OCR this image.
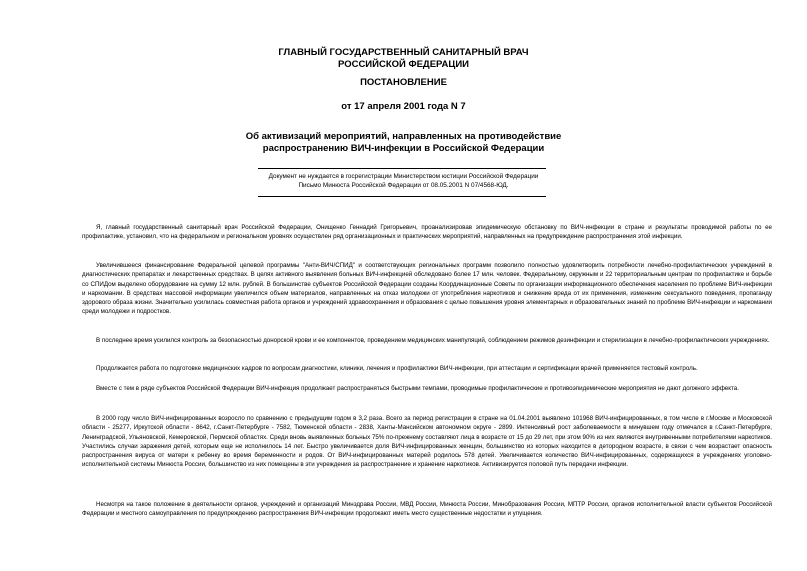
ГЛАВНЫЙ ГОСУДАРСТВЕННЫЙ САНИТАРНЫЙ ВРАЧ
РОССИЙСКОЙ ФЕДЕРАЦИИ
ПОСТАНОВЛЕНИЕ
от 17 апреля 2001 года N 7
Об активизаций мероприятий, направленных на противодействие
распространению ВИЧ-инфекции в Российской Федерации
Документ не нуждается в госрегистрации Министерством юстиции Российской Федерации
Письмо Минюста Российской Федерации от 08.05.2001 N 07/4568-ЮД.

Я, главный государственный санитарный врач Российской Федерации, Онищенко Геннадий Григорьевич, проанализировав эпидемическую обстановку по ВИЧ-инфекции в стране и результаты проводимой работы по ее профилактике, установил, что на федеральном и региональном уровнях осуществлен ряд организационных и практических мероприятий, направленных на предупреждение распространения этой инфекции.

Увеличившееся финансирование Федеральной целевой программы "Анти-ВИЧ/СПИД" и соответствующих региональных программ позволило полностью удовлетворить потребности лечебно-профилактических учреждений в диагностических препаратах и лекарственных средствах. В целях активного выявления больных ВИЧ-инфекцией обследовано более 17 млн. человек. Федеральному, окружным и 22 территориальным центрам по профилактике и борьбе со СПИДом выделено оборудование на сумму 12 млн. рублей. В большинстве субъектов Российской Федерации созданы Координационные Советы по организации информационного обеспечения населения по проблеме ВИЧ-инфекции и наркомании. В средствах массовой информации увеличился объем материалов, направленных на отказ молодежи от употребления наркотиков и снижение вреда от их применения, изменение сексуального поведения, пропаганду здорового образа жизни. Значительно усилилась совместная работа органов и учреждений здравоохранения и образования с целью повышения уровня элементарных и образовательных знаний по проблеме ВИЧ-инфекции и наркомании среди молодежи и подростков.

В последнее время усилился контроль за безопасностью донорской крови и ее компонентов, проведением медицинских манипуляций, соблюдением режимов дезинфекции и стерилизации в лечебно-профилактических учреждениях.

Продолжается работа по подготовке медицинских кадров по вопросам диагностики, клиники, лечения и профилактики ВИЧ-инфекции, при аттестации и сертификации врачей применяется тестовый контроль.

Вместе с тем в ряде субъектов Российской Федерации ВИЧ-инфекция продолжает распространяться быстрыми темпами, проводимые профилактические и противоэпидемические мероприятия не дают должного эффекта.

В 2000 году число ВИЧ-инфицированных возросло по сравнению с предыдущим годом в 3,2 раза. Всего за период регистрации в стране на 01.04.2001 выявлено 101968 ВИЧ-инфицированных, в том числе в г.Москве и Московской области - 25277, Иркутской области - 8642, г.Санкт-Петербурге - 7582, Тюменской области - 2838, Ханты-Мансийском автономном округе - 2899. Интенсивный рост заболеваемости в минувшем году отмечался в г.Санкт-Петербурге, Ленинградской, Ульяновской, Кемеровской, Пермской областях. Среди вновь выявленных больных 75% по-прежнему составляют лица в возрасте от 15 до 29 лет, при этом 90% из них являются внутривенными потребителями наркотиков. Участились случаи заражения детей, которым еще не исполнилось 14 лет. Быстро увеличивается доля ВИЧ-инфицированных женщин, большинство из которых находится в детородном возрасте, в связи с чем возрастает опасность распространения вируса от матери к ребенку во время беременности и родов. От ВИЧ-инфицированных матерей родилось 578 детей. Увеличивается количество ВИЧ-инфицированных, содержащихся в учреждениях уголовно-исполнительной системы Минюста России, большинство из них помещены в эти учреждения за распространение и хранение наркотиков. Активизируется половой путь передачи инфекции.

Несмотря на такое положение в деятельности органов, учреждений и организаций Минздрава России, МВД России, Минюста России, Минобразования России, МПТР России, органов исполнительной власти субъектов Российской Федерации и местного самоуправления по предупреждению распространения ВИЧ-инфекции продолжают иметь место существенные недостатки и упущения.
